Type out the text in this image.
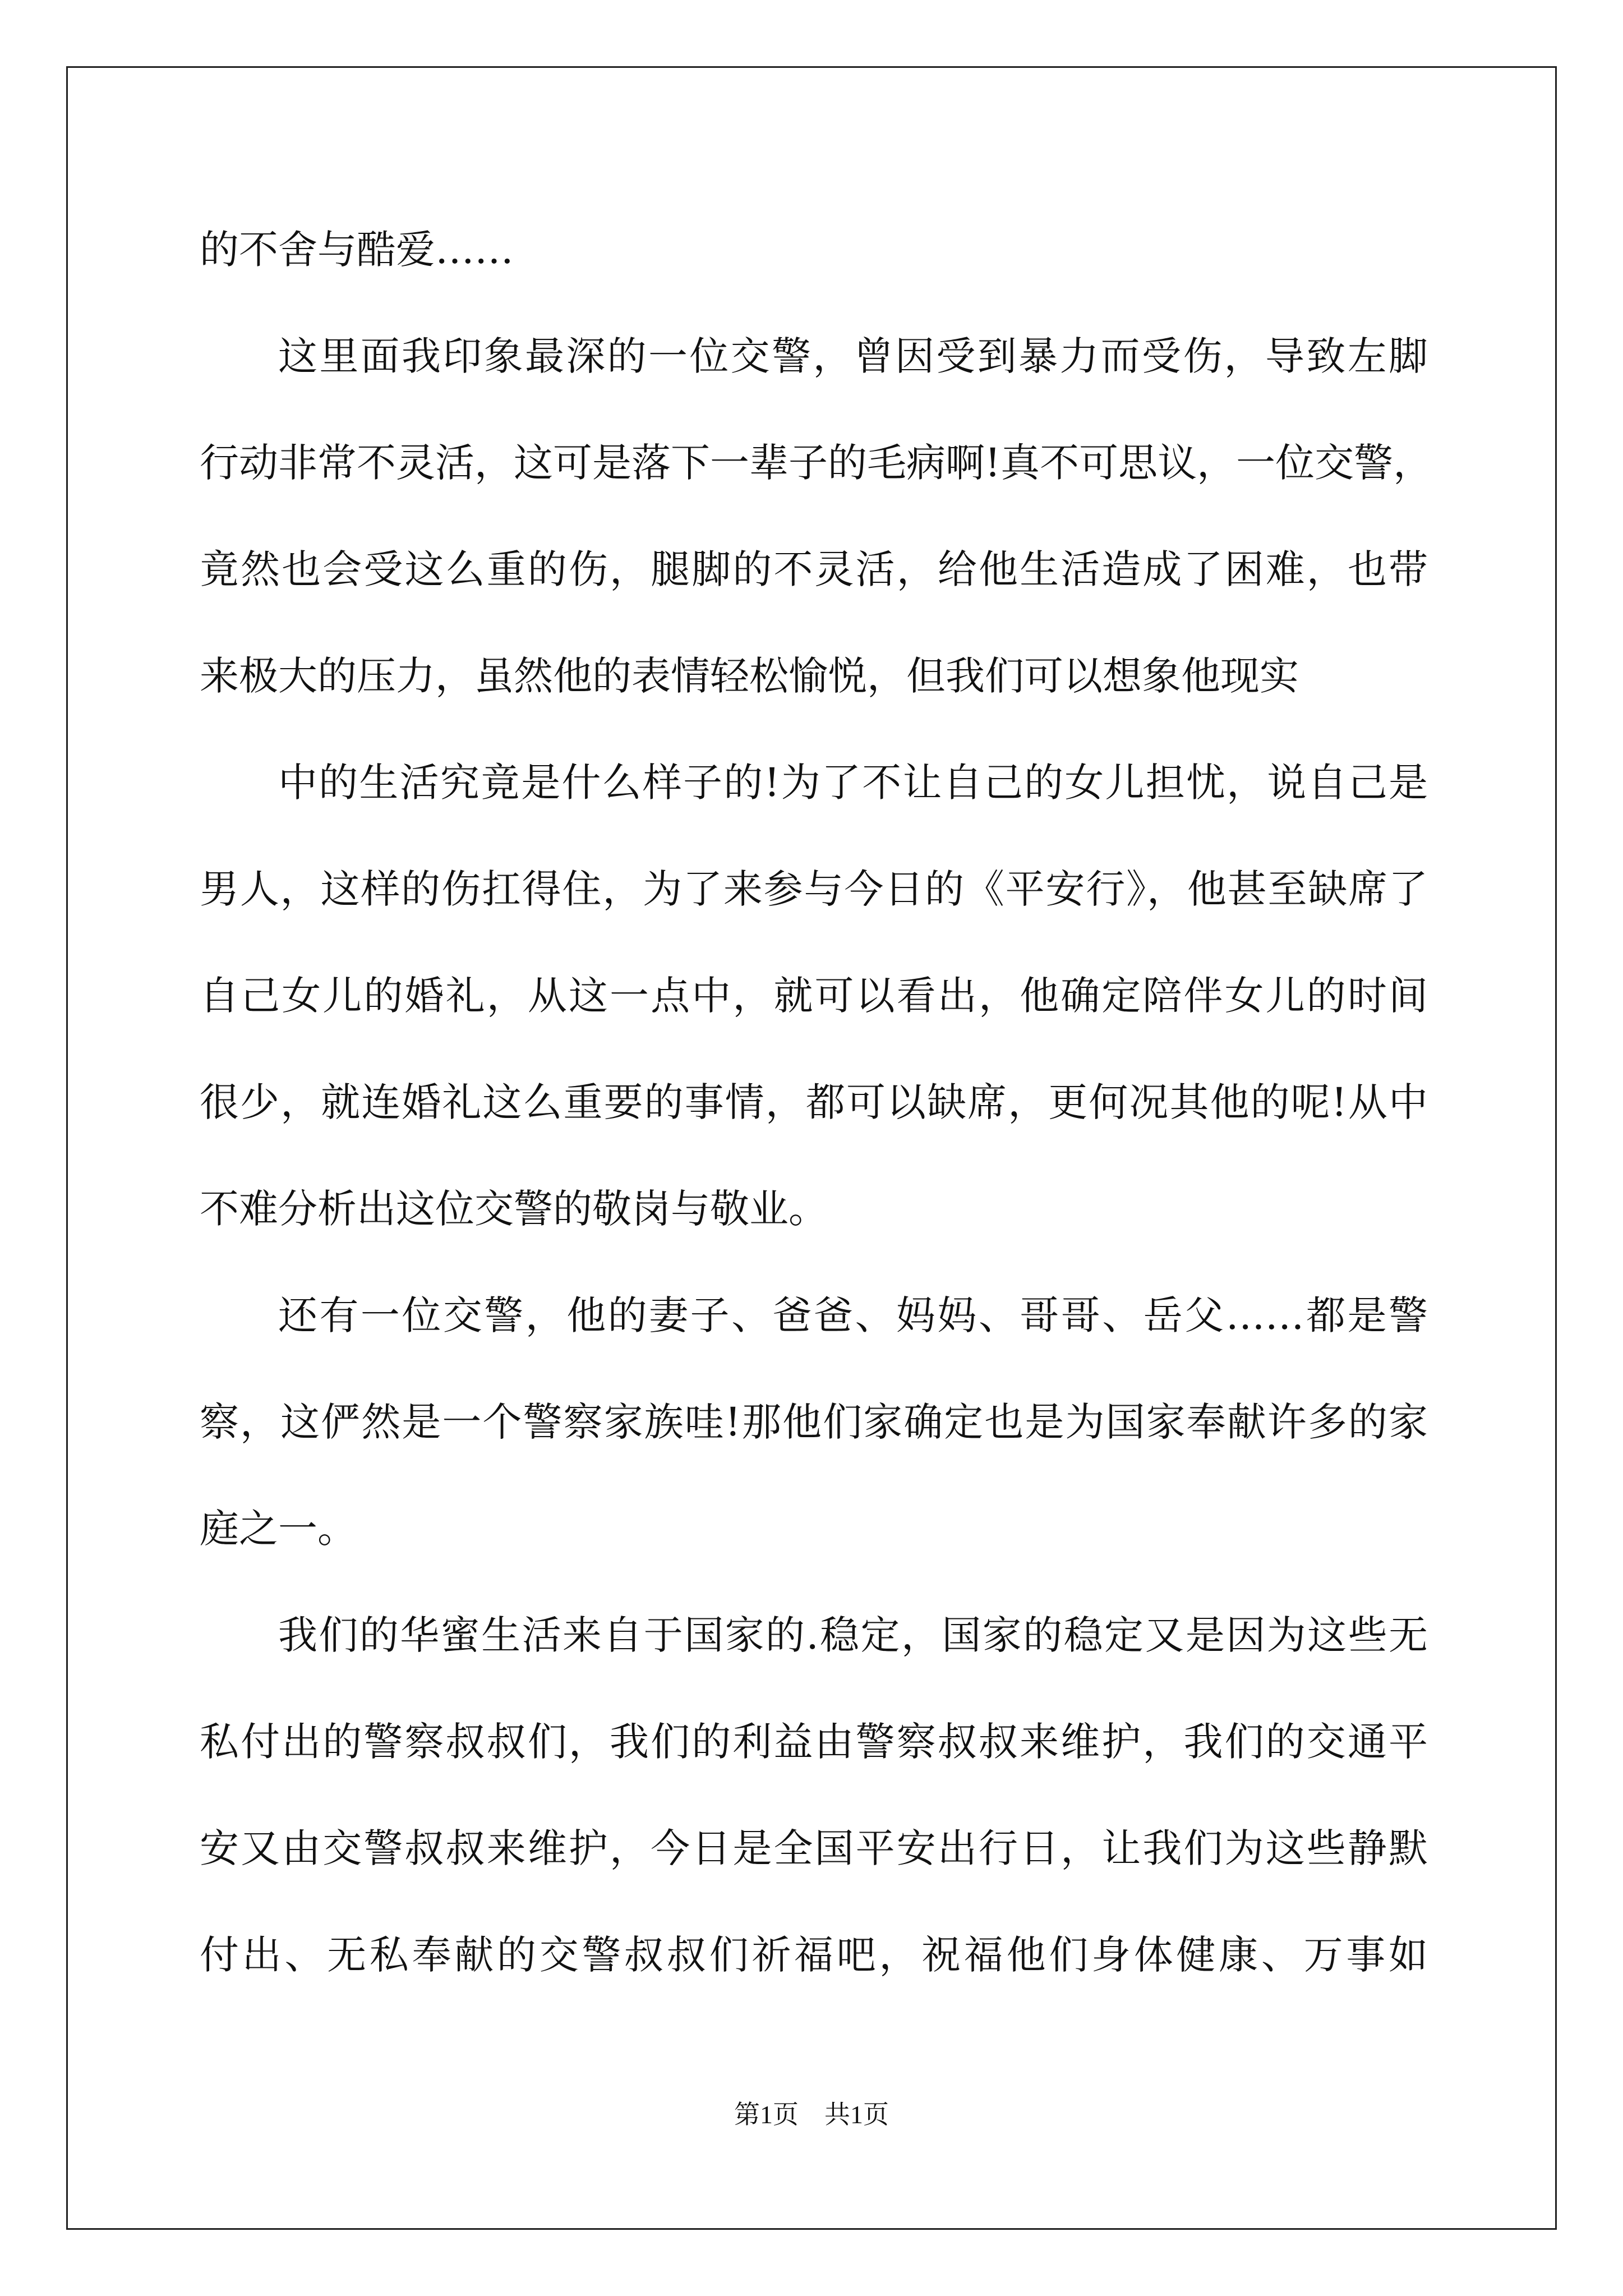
的不舍与酷爱……
这里面我印象最深的一位交警，曾因受到暴力而受伤，导致左脚
行动非常不灵活，这可是落下一辈子的毛病啊!真不可思议，一位交警，
竟然也会受这么重的伤，腿脚的不灵活，给他生活造成了困难，也带
来极大的压力，虽然他的表情轻松愉悦，但我们可以想象他现实
中的生活究竟是什么样子的!为了不让自己的女儿担忧，说自己是
男人，这样的伤扛得住，为了来参与今日的《平安行》，他甚至缺席了
自己女儿的婚礼，从这一点中，就可以看出，他确定陪伴女儿的时间
很少，就连婚礼这么重要的事情，都可以缺席，更何况其他的呢!从中
不难分析出这位交警的敬岗与敬业。
还有一位交警，他的妻子、爸爸、妈妈、哥哥、岳父……都是警
察，这俨然是一个警察家族哇!那他们家确定也是为国家奉献许多的家
庭之一。
我们的华蜜生活来自于国家的.稳定，国家的稳定又是因为这些无
私付出的警察叔叔们，我们的利益由警察叔叔来维护，我们的交通平
安又由交警叔叔来维护，今日是全国平安出行日，让我们为这些静默
付出、无私奉献的交警叔叔们祈福吧，祝福他们身体健康、万事如
第1页　共1页
